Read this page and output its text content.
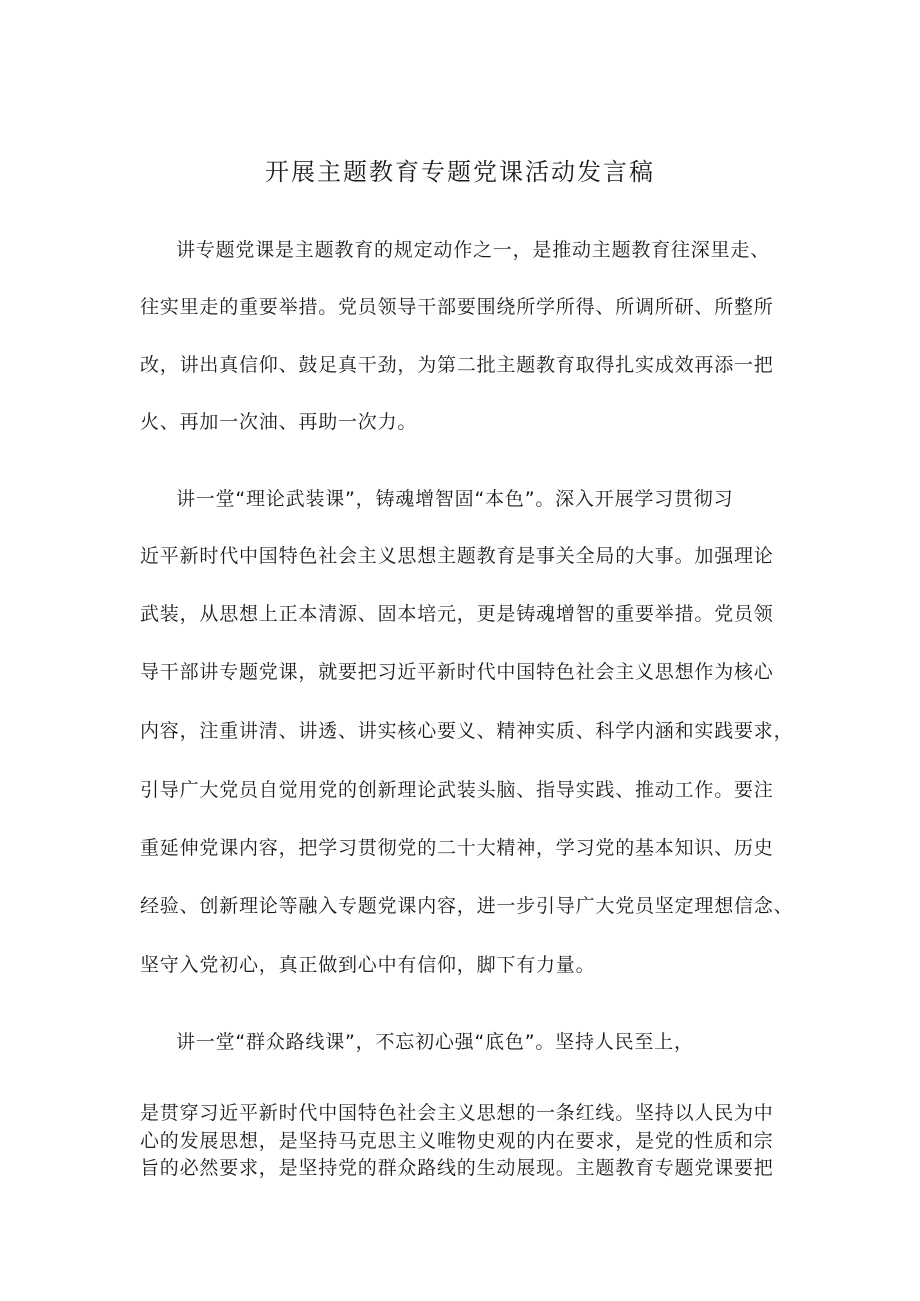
开展主题教育专题党课活动发言稿
讲专题党课是主题教育的规定动作之一，是推动主题教育往深里走、
往实里走的重要举措。党员领导干部要围绕所学所得、所调所研、所整所
改，讲出真信仰、鼓足真干劲，为第二批主题教育取得扎实成效再添一把
火、再加一次油、再助一次力。
讲一堂“理论武装课”，铸魂增智固“本色”。深入开展学习贯彻习
近平新时代中国特色社会主义思想主题教育是事关全局的大事。加强理论
武装，从思想上正本清源、固本培元，更是铸魂增智的重要举措。党员领
导干部讲专题党课，就要把习近平新时代中国特色社会主义思想作为核心
内容，注重讲清、讲透、讲实核心要义、精神实质、科学内涵和实践要求，
引导广大党员自觉用党的创新理论武装头脑、指导实践、推动工作。要注
重延伸党课内容，把学习贯彻党的二十大精神，学习党的基本知识、历史
经验、创新理论等融入专题党课内容，进一步引导广大党员坚定理想信念、
坚守入党初心，真正做到心中有信仰，脚下有力量。
讲一堂“群众路线课”，不忘初心强“底色”。坚持人民至上，
是贯穿习近平新时代中国特色社会主义思想的一条红线。坚持以人民为中
心的发展思想，是坚持马克思主义唯物史观的内在要求，是党的性质和宗
旨的必然要求，是坚持党的群众路线的生动展现。主题教育专题党课要把
